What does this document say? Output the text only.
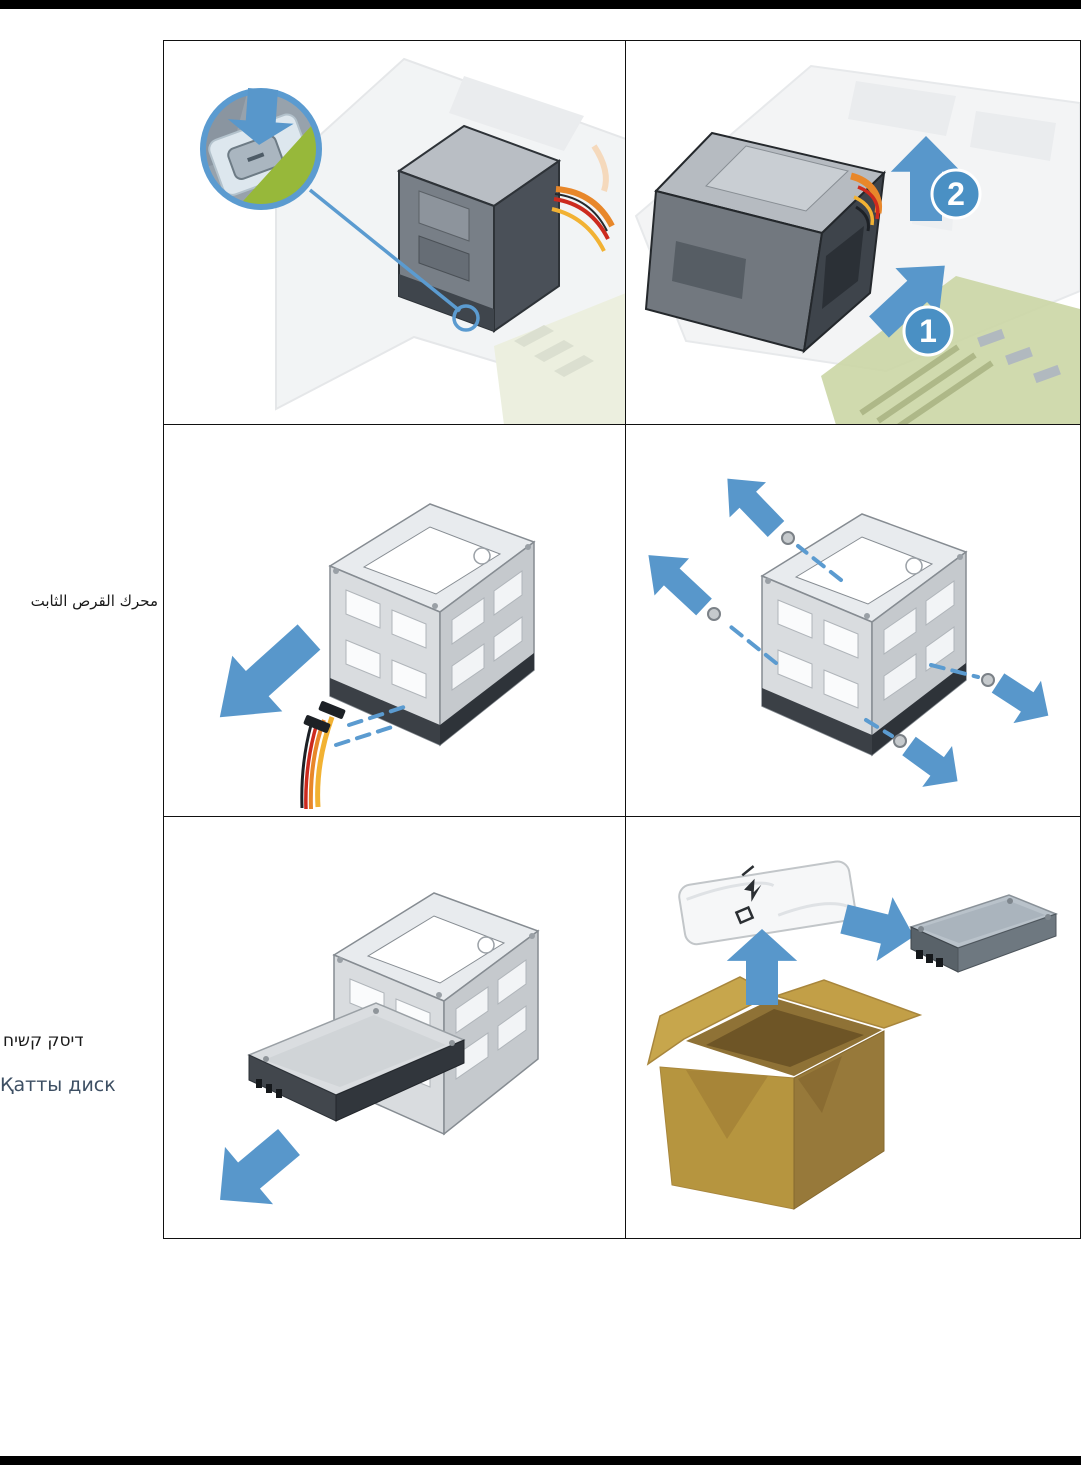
محرك القرص الثابت
דיסק קשיח
Қатты диск
2
1
